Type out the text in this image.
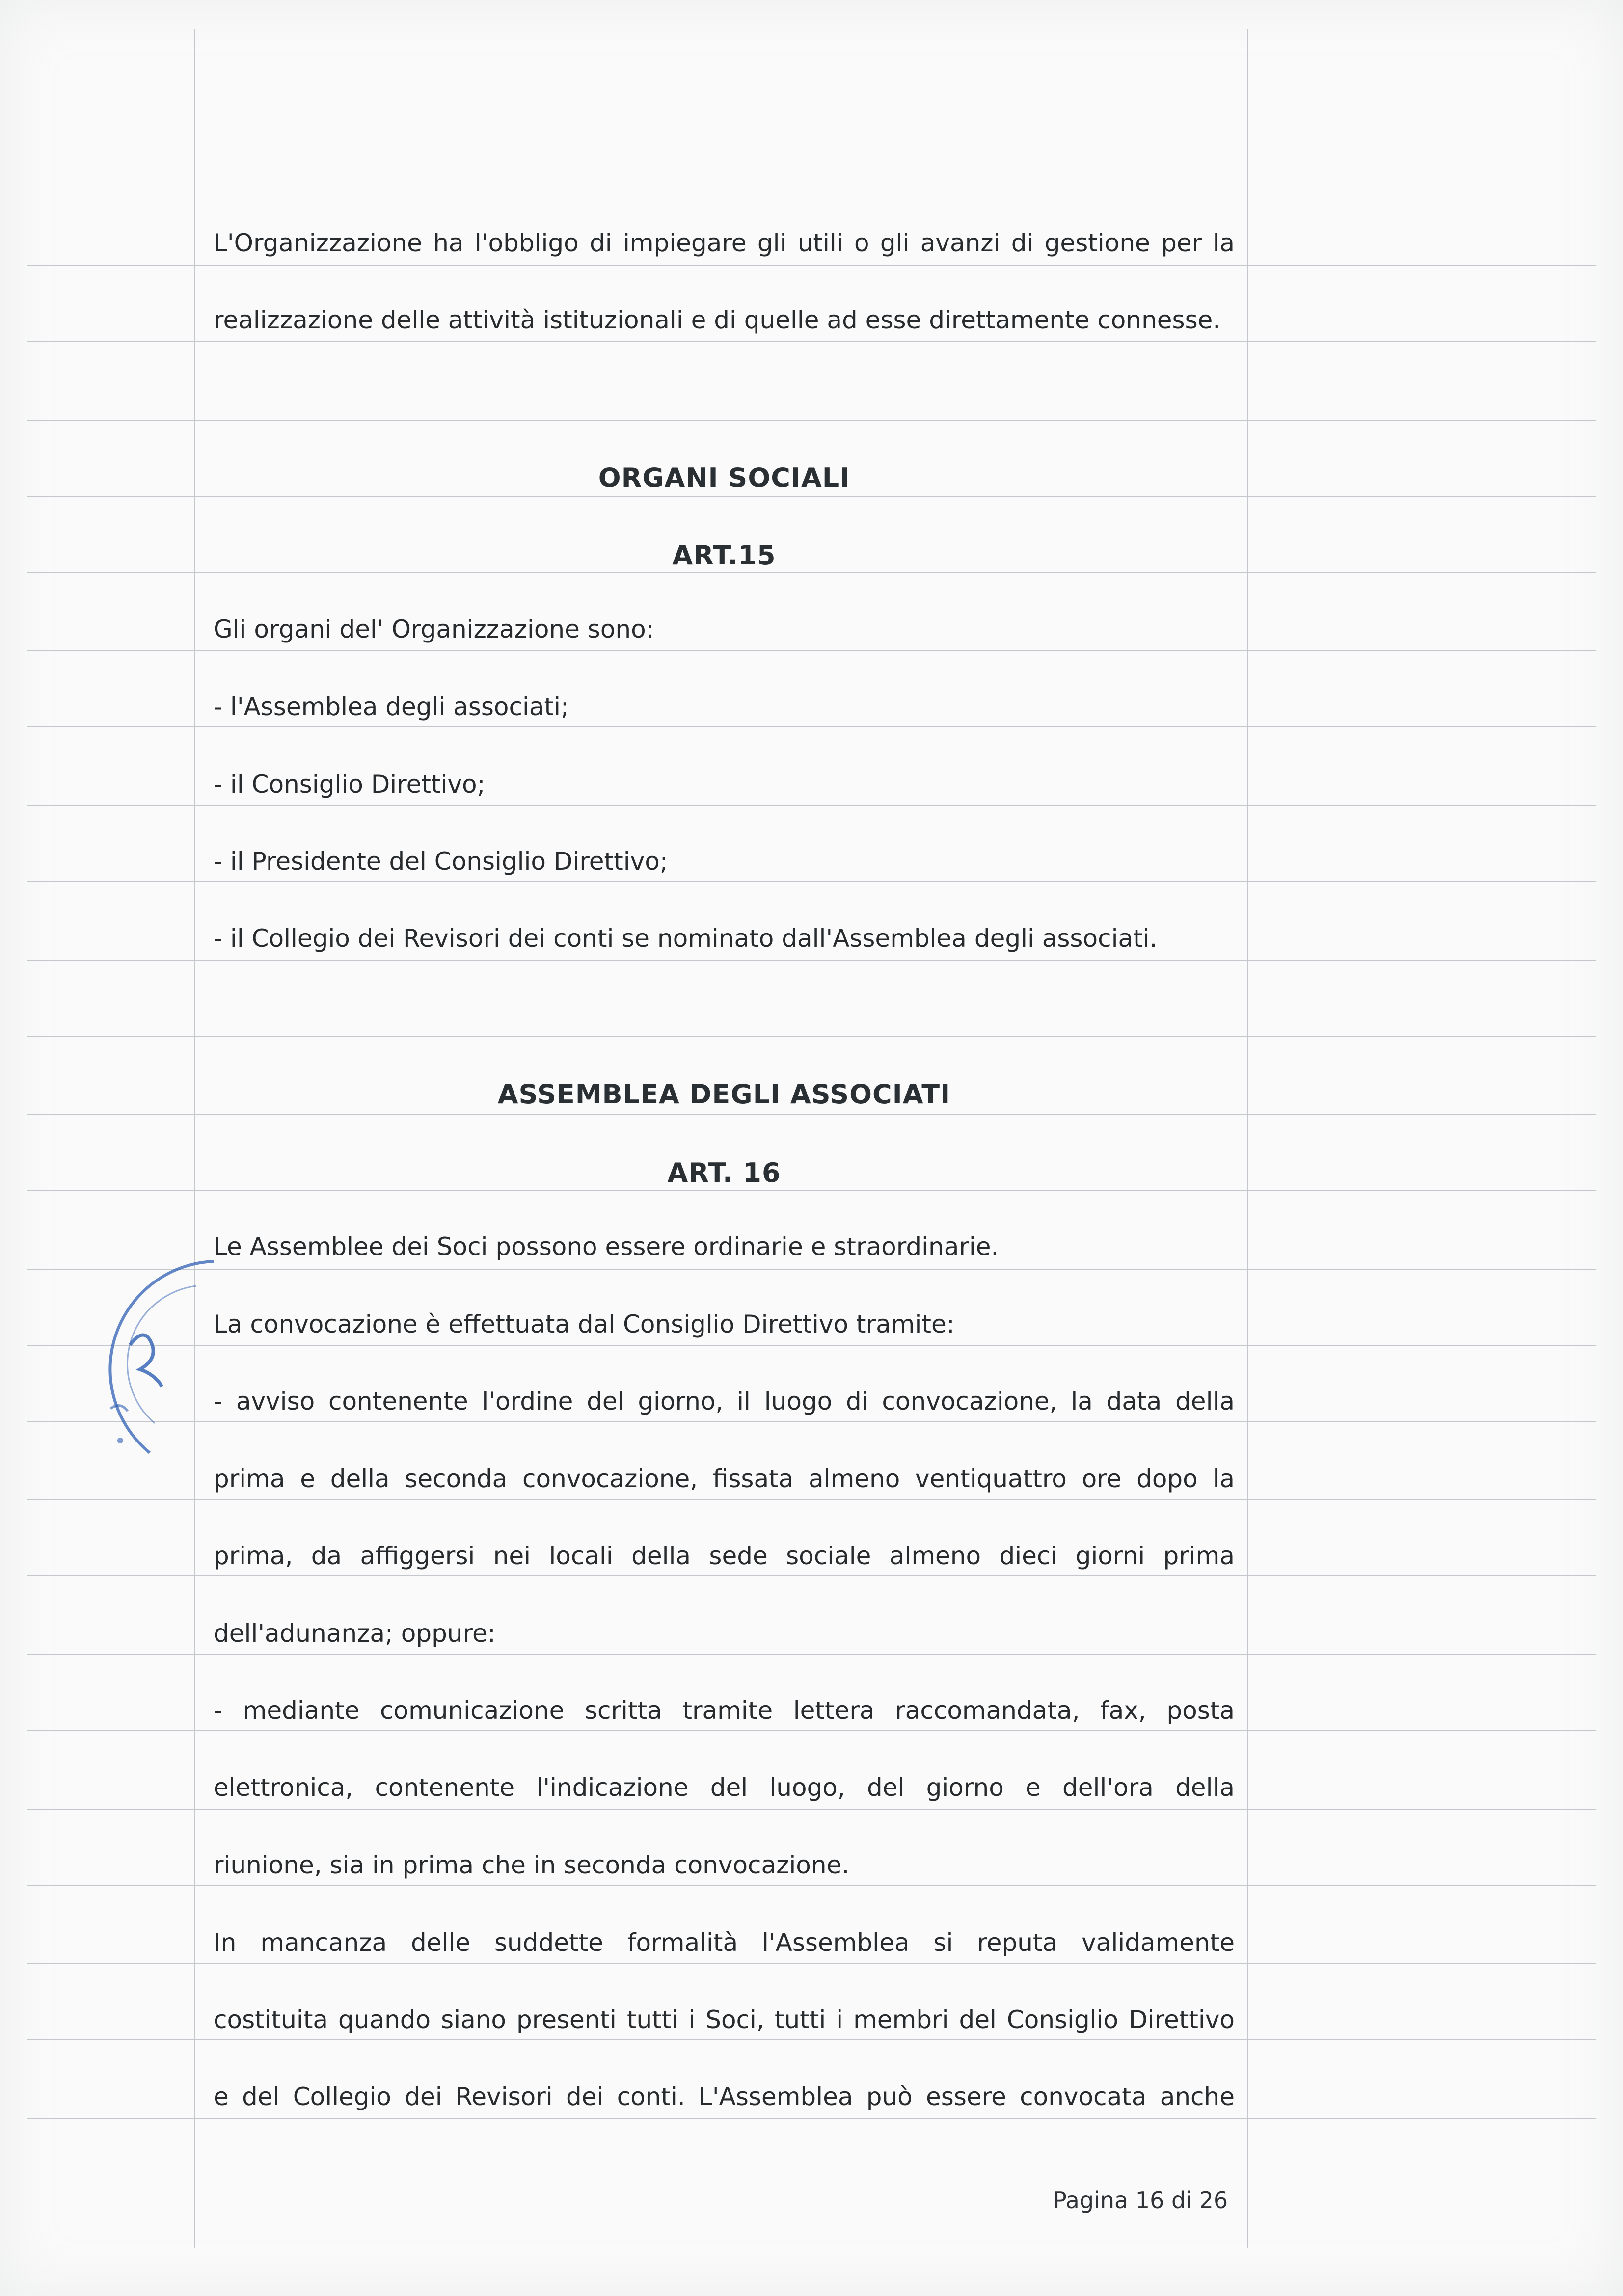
L'Organizzazione ha l'obbligo di impiegare gli utili o gli avanzi di gestione per la
realizzazione delle attività istituzionali e di quelle ad esse direttamente connesse.
ORGANI SOCIALI
ART.15
Gli organi del' Organizzazione sono:
- l'Assemblea degli associati;
- il Consiglio Direttivo;
- il Presidente del Consiglio Direttivo;
- il Collegio dei Revisori dei conti se nominato dall'Assemblea degli associati.
ASSEMBLEA DEGLI ASSOCIATI
ART. 16
Le Assemblee dei Soci possono essere ordinarie e straordinarie.
La convocazione è effettuata dal Consiglio Direttivo tramite:
- avviso contenente l'ordine del giorno, il luogo di convocazione, la data della
prima e della seconda convocazione, fissata almeno ventiquattro ore dopo la
prima, da affiggersi nei locali della sede sociale almeno dieci giorni prima
dell'adunanza; oppure:
- mediante comunicazione scritta tramite lettera raccomandata, fax, posta
elettronica, contenente l'indicazione del luogo, del giorno e dell'ora della
riunione, sia in prima che in seconda convocazione.
In mancanza delle suddette formalità l'Assemblea si reputa validamente
costituita quando siano presenti tutti i Soci, tutti i membri del Consiglio Direttivo
e del Collegio dei Revisori dei conti. L'Assemblea può essere convocata anche
Pagina 16 di 26
